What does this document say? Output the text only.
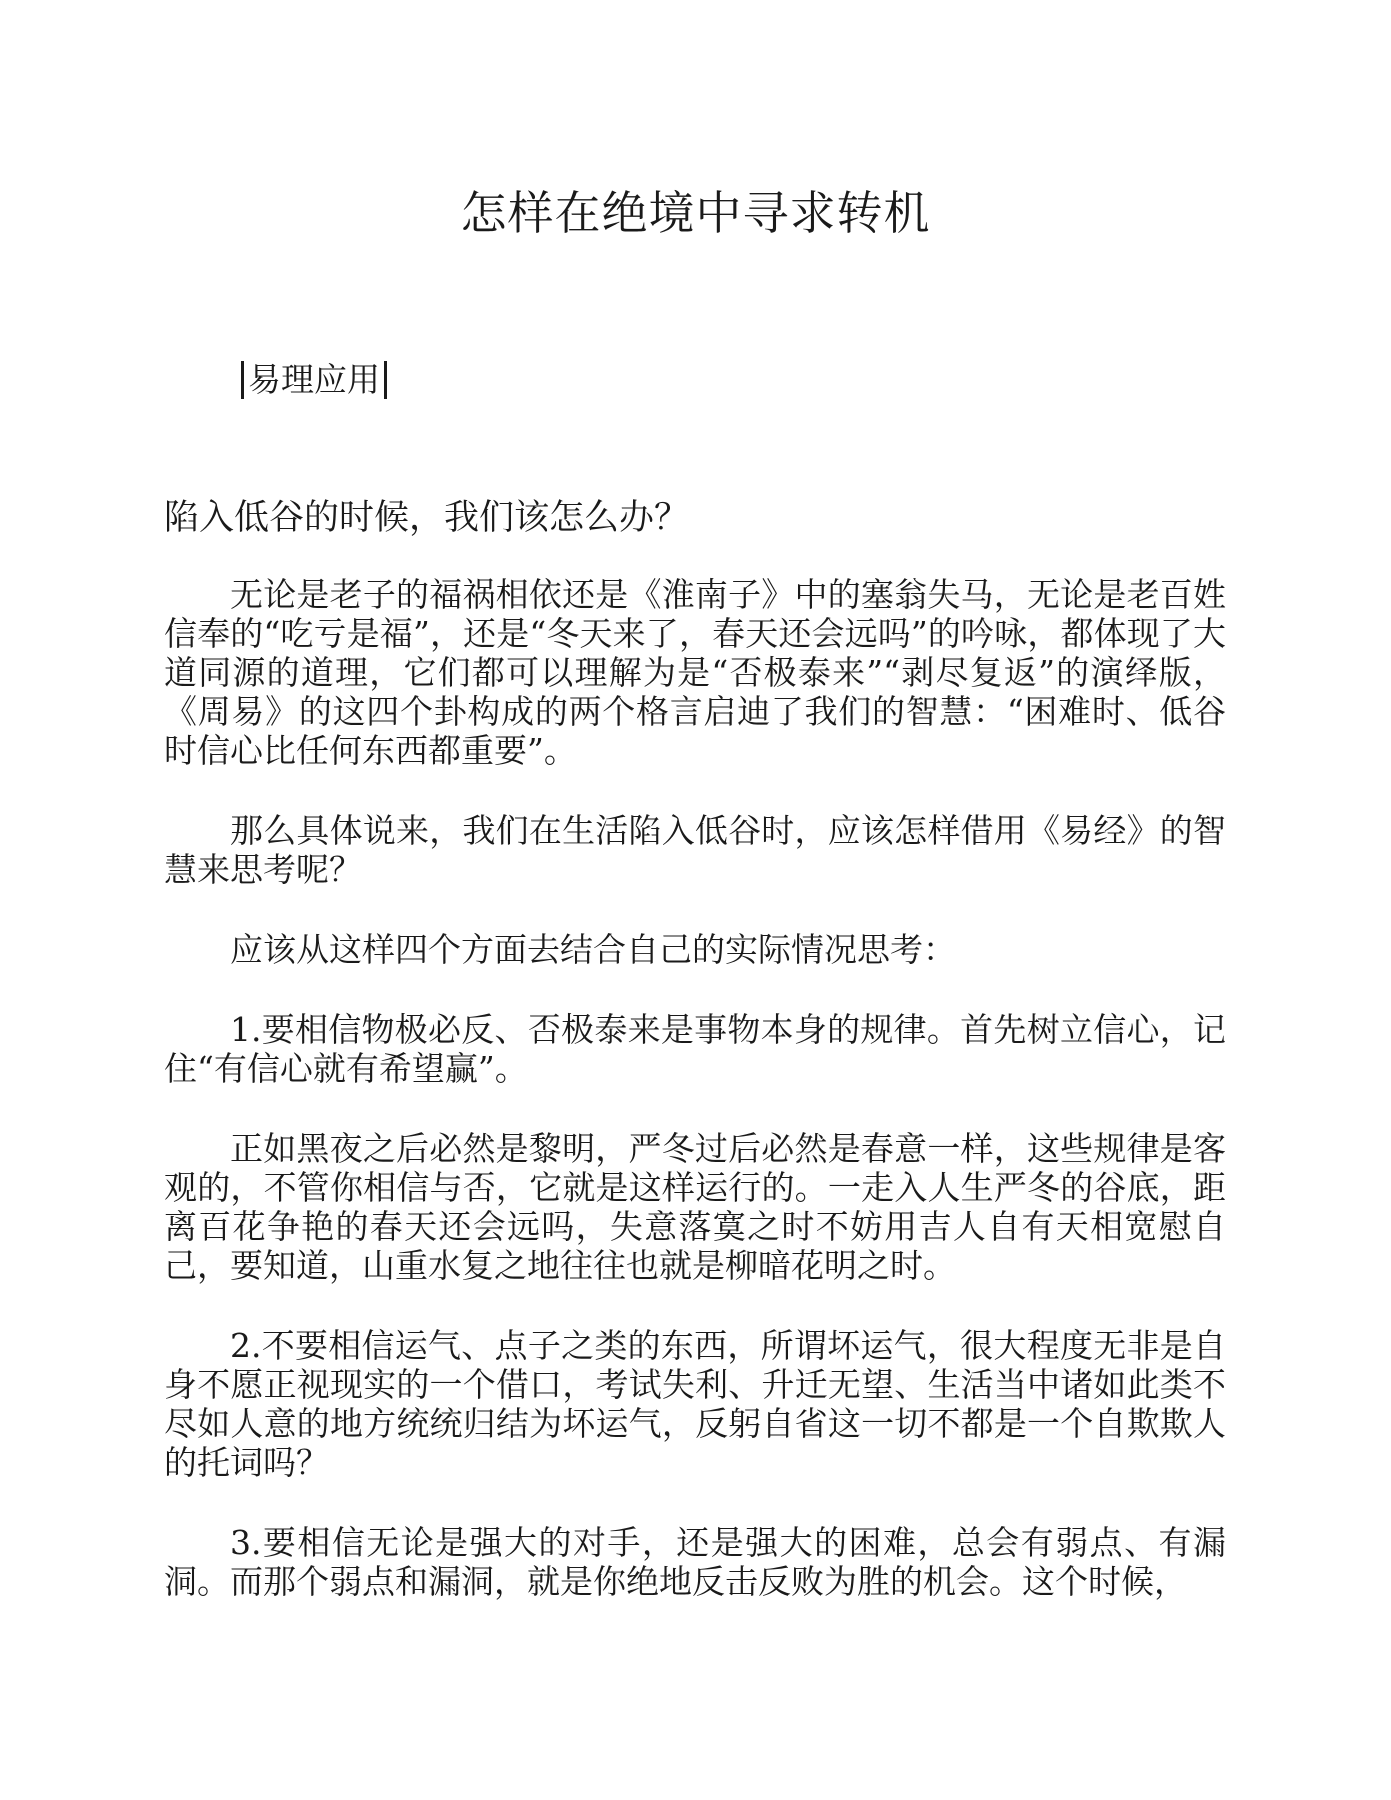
怎样在绝境中寻求转机
易理应用
陷入低谷的时候，我们该怎么办？

无论是老子的福祸相依还是《淮南子》中的塞翁失马，无论是老百姓信奉的“吃亏是福”，还是“冬天来了，春天还会远吗”的吟咏，都体现了大道同源的道理，它们都可以理解为是“否极泰来”“剥尽复返”的演绎版，《周易》的这四个卦构成的两个格言启迪了我们的智慧：“困难时、低谷时信心比任何东西都重要”。

那么具体说来，我们在生活陷入低谷时，应该怎样借用《易经》的智慧来思考呢？

应该从这样四个方面去结合自己的实际情况思考：

1.要相信物极必反、否极泰来是事物本身的规律。首先树立信心，记住“有信心就有希望赢”。

正如黑夜之后必然是黎明，严冬过后必然是春意一样，这些规律是客观的，不管你相信与否，它就是这样运行的。一走入人生严冬的谷底，距离百花争艳的春天还会远吗，失意落寞之时不妨用吉人自有天相宽慰自己，要知道，山重水复之地往往也就是柳暗花明之时。

2.不要相信运气、点子之类的东西，所谓坏运气，很大程度无非是自身不愿正视现实的一个借口，考试失利、升迁无望、生活当中诸如此类不尽如人意的地方统统归结为坏运气，反躬自省这一切不都是一个自欺欺人的托词吗？

3.要相信无论是强大的对手，还是强大的困难，总会有弱点、有漏洞。而那个弱点和漏洞，就是你绝地反击反败为胜的机会。这个时候，
